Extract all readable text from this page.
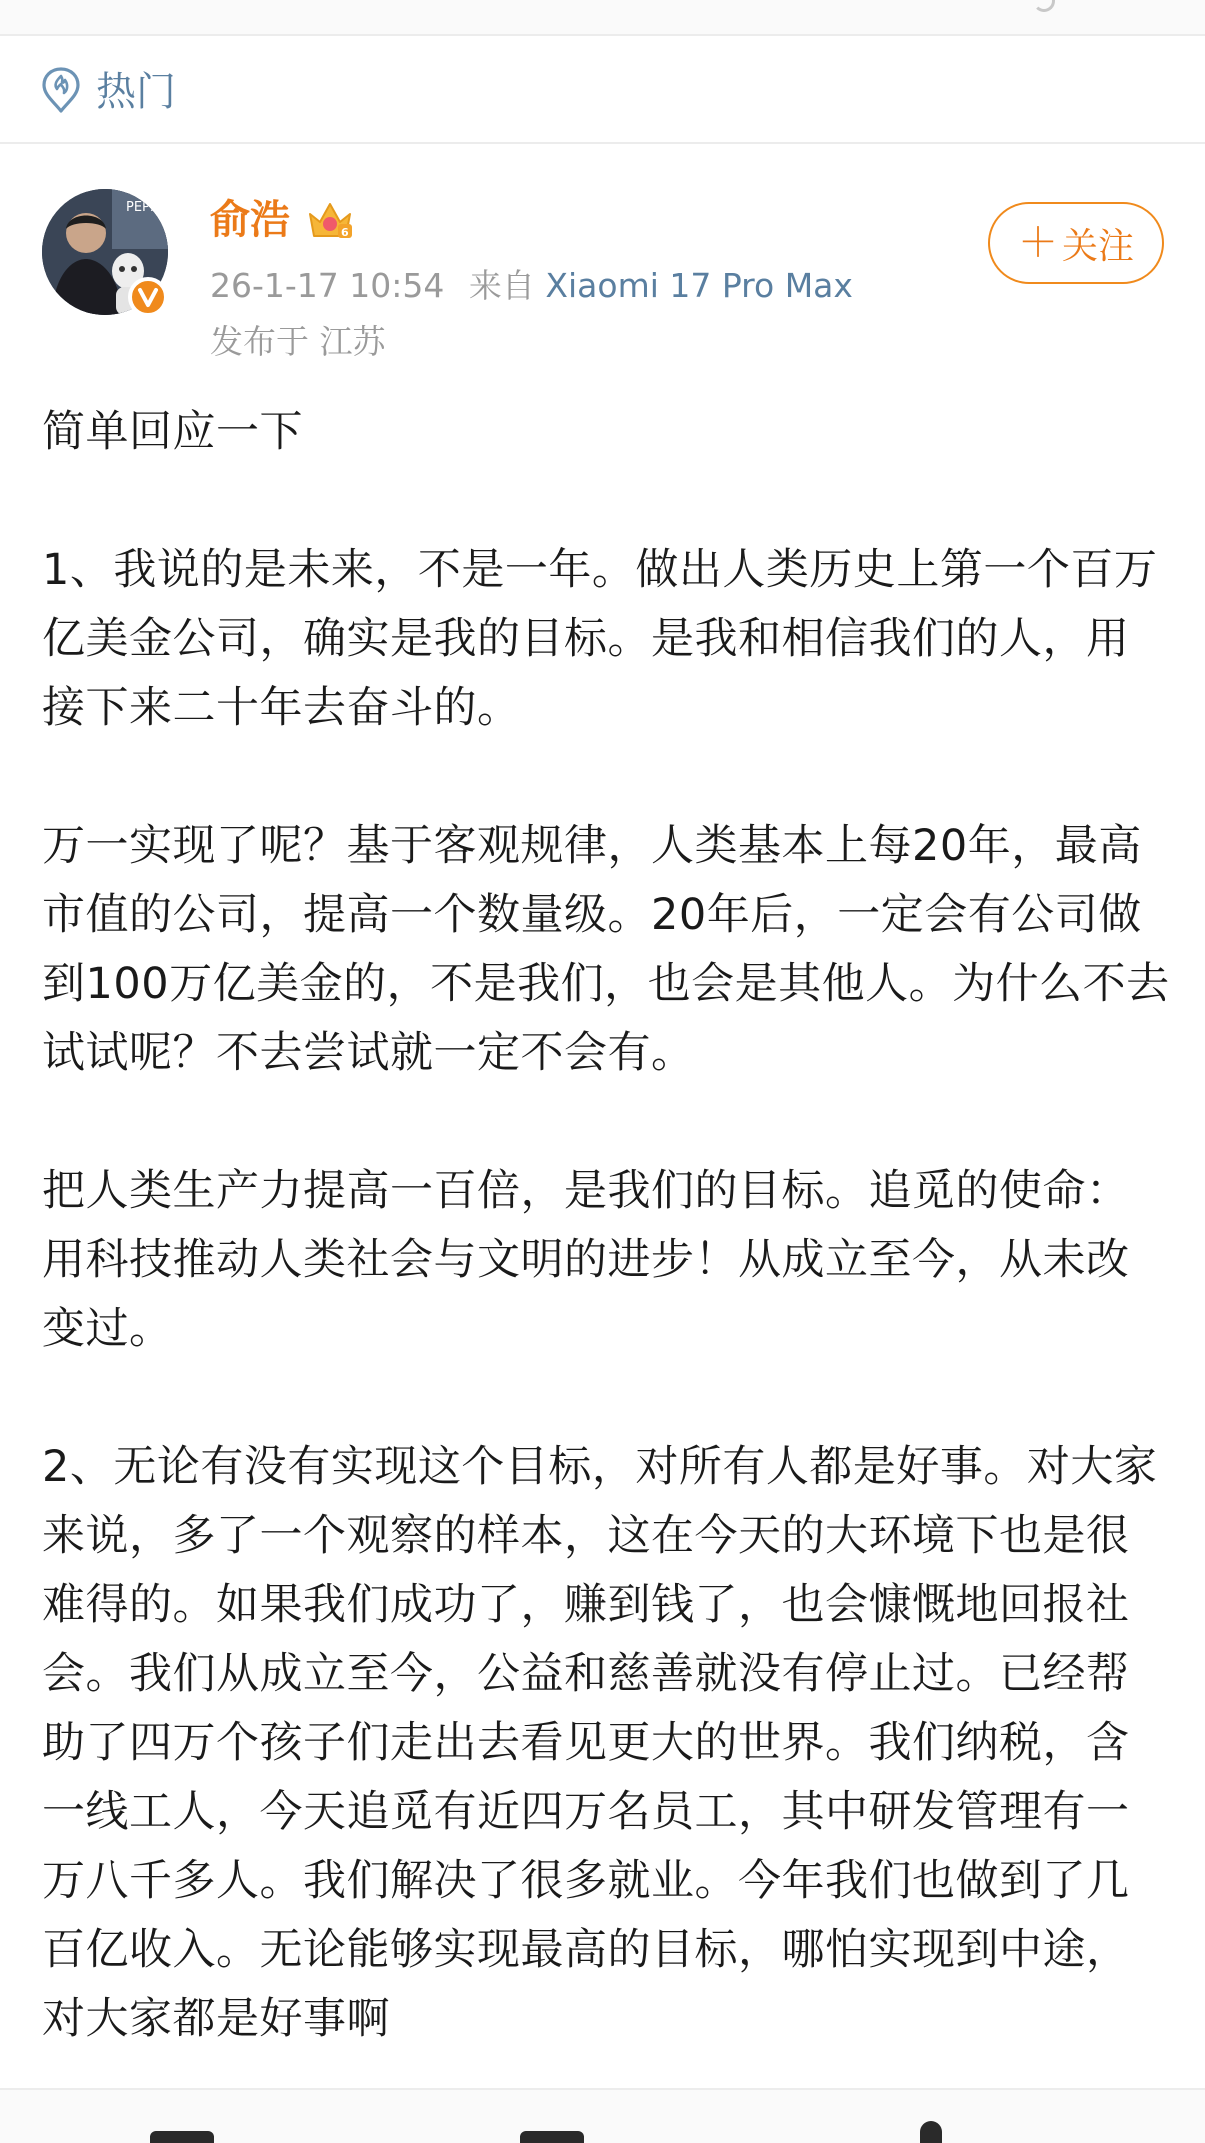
热门
PEPP 俞浩	6
26-1-17 10:54 来自 Xiaomi 17 Pro Max
发布于 江苏
＋ 关注

简单回应一下

1、我说的是未来，不是一年。做出人类历史上第一个百万亿美金公司，确实是我的目标。是我和相信我们的人，用接下来二十年去奋斗的。

万一实现了呢？基于客观规律，人类基本上每20年，最高市值的公司，提高一个数量级。20年后，一定会有公司做到100万亿美金的，不是我们，也会是其他人。为什么不去试试呢？不去尝试就一定不会有。

把人类生产力提高一百倍，是我们的目标。追觅的使命：用科技推动人类社会与文明的进步！从成立至今，从未改变过。

2、无论有没有实现这个目标，对所有人都是好事。对大家来说，多了一个观察的样本，这在今天的大环境下也是很难得的。如果我们成功了，赚到钱了，也会慷慨地回报社会。我们从成立至今，公益和慈善就没有停止过。已经帮助了四万个孩子们走出去看见更大的世界。我们纳税，含一线工人，今天追觅有近四万名员工，其中研发管理有一万八千多人。我们解决了很多就业。今年我们也做到了几百亿收入。无论能够实现最高的目标，哪怕实现到中途，对大家都是好事啊
